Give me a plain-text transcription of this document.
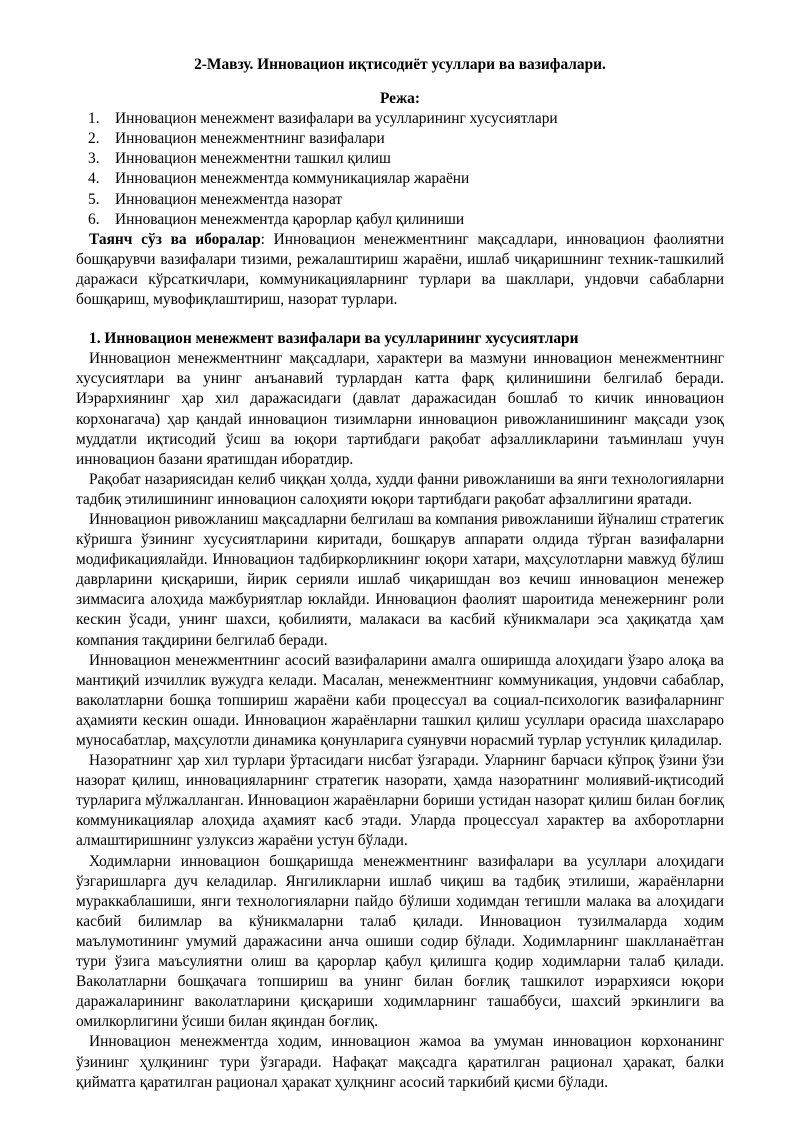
2-Мавзу. Инновацион иқтисодиёт усуллари ва вазифалари.
Режа:
1.	Инновацион менежмент вазифалари ва усулларининг хусусиятлари
2.	Инновацион менежментнинг вазифалари
3.	Инновацион менежментни ташкил қилиш
4.	Инновацион менежментда коммуникациялар жараёни
5.	Инновацион менежментда назорат
6.	Инновацион менежментда қарорлар қабул қилиниши

Таянч сўз ва иборалар: Инновацион менежментнинг мақсадлари, инновацион фаолиятни бошқарувчи вазифалари тизими, режалаштириш жараёни, ишлаб чиқаришнинг техник-ташкилий даражаси кўрсаткичлари, коммуникацияларнинг турлари ва шакллари, ундовчи сабабларни бошқариш, мувофиқлаштириш, назорат турлари.

1. Инновацион менежмент вазифалари ва усулларининг хусусиятлари

Инновацион менежментнинг мақсадлари, характери ва мазмуни инновацион менежментнинг хусусиятлари ва унинг анъанавий турлардан катта фарқ қилинишини белгилаб беради. Иэрархиянинг ҳар хил даражасидаги (давлат даражасидан бошлаб то кичик инновацион корхонагача) ҳар қандай инновацион тизимларни инновацион ривожланишининг мақсади узоқ муддатли иқтисодий ўсиш ва юқори тартибдаги рақобат афзалликларини таъминлаш учун инновацион базани яратишдан иборатдир.

Рақобат назариясидан келиб чиққан ҳолда, худди фанни ривожланиши ва янги технологияларни тадбиқ этилишининг инновацион салоҳияти юқори тартибдаги рақобат афзаллигини яратади.

Инновацион ривожланиш мақсадларни белгилаш ва компания ривожланиши йўналиш стратегик кўришга ўзининг хусусиятларини киритади, бошқарув аппарати олдида тўрган вазифаларни модификациялайди. Инновацион тадбиркорликнинг юқори хатари, маҳсулотларни мавжуд бўлиш даврларини қисқариши, йирик серияли ишлаб чиқаришдан воз кечиш инновацион менежер зиммасига алоҳида мажбуриятлар юклайди. Инновацион фаолият шароитида менежернинг роли кескин ўсади, унинг шахси, қобилияти, малакаси ва касбий кўникмалари эса ҳақиқатда ҳам компания тақдирини белгилаб беради.

Инновацион менежментнинг асосий вазифаларини амалга оширишда алоҳидаги ўзаро алоқа ва мантиқий изчиллик вужудга келади. Масалан, менежментнинг коммуникация, ундовчи сабаблар, ваколатларни бошқа топшириш жараёни каби процессуал ва социал-психологик вазифаларнинг аҳамияти кескин ошади. Инновацион жараёнларни ташкил қилиш усуллари орасида шахслараро муносабатлар, маҳсулотли динамика қонунларига суянувчи норасмий турлар устунлик қиладилар.

Назоратнинг ҳар хил турлари ўртасидаги нисбат ўзгаради. Уларнинг барчаси кўпроқ ўзини ўзи назорат қилиш, инновацияларнинг стратегик назорати, ҳамда назоратнинг молиявий-иқтисодий турларига мўлжалланган. Инновацион жараёнларни бориши устидан назорат қилиш билан боғлиқ коммуникациялар алоҳида аҳамият касб этади. Уларда процессуал характер ва ахборотларни алмаштиришнинг узлуксиз жараёни устун бўлади.

Ходимларни инновацион бошқаришда менежментнинг вазифалари ва усуллари алоҳидаги ўзгаришларга дуч келадилар. Янгиликларни ишлаб чиқиш ва тадбиқ этилиши, жараёнларни мураккаблашиши, янги технологияларни пайдо бўлиши ходимдан тегишли малака ва алоҳидаги касбий билимлар ва кўникмаларни талаб қилади. Инновацион тузилмаларда ходим маълумотининг умумий даражасини анча ошиши содир бўлади. Ходимларнинг шаклланаётган тури ўзига маъсулиятни олиш ва қарорлар қабул қилишга қодир ходимларни талаб қилади. Ваколатларни бошқачага топшириш ва унинг билан боғлиқ ташкилот иэрархияси юқори даражаларининг ваколатларини қисқариши ходимларнинг ташаббуси, шахсий эркинлиги ва омилкорлигини ўсиши билан яқиндан боғлиқ.

Инновацион менежментда ходим, инновацион жамоа ва умуман инновацион корхонанинг ўзининг ҳулқининг тури ўзгаради. Нафақат мақсадга қаратилган рационал ҳаракат, балки қийматга қаратилган рационал ҳаракат ҳулқнинг асосий таркибий қисми бўлади.
